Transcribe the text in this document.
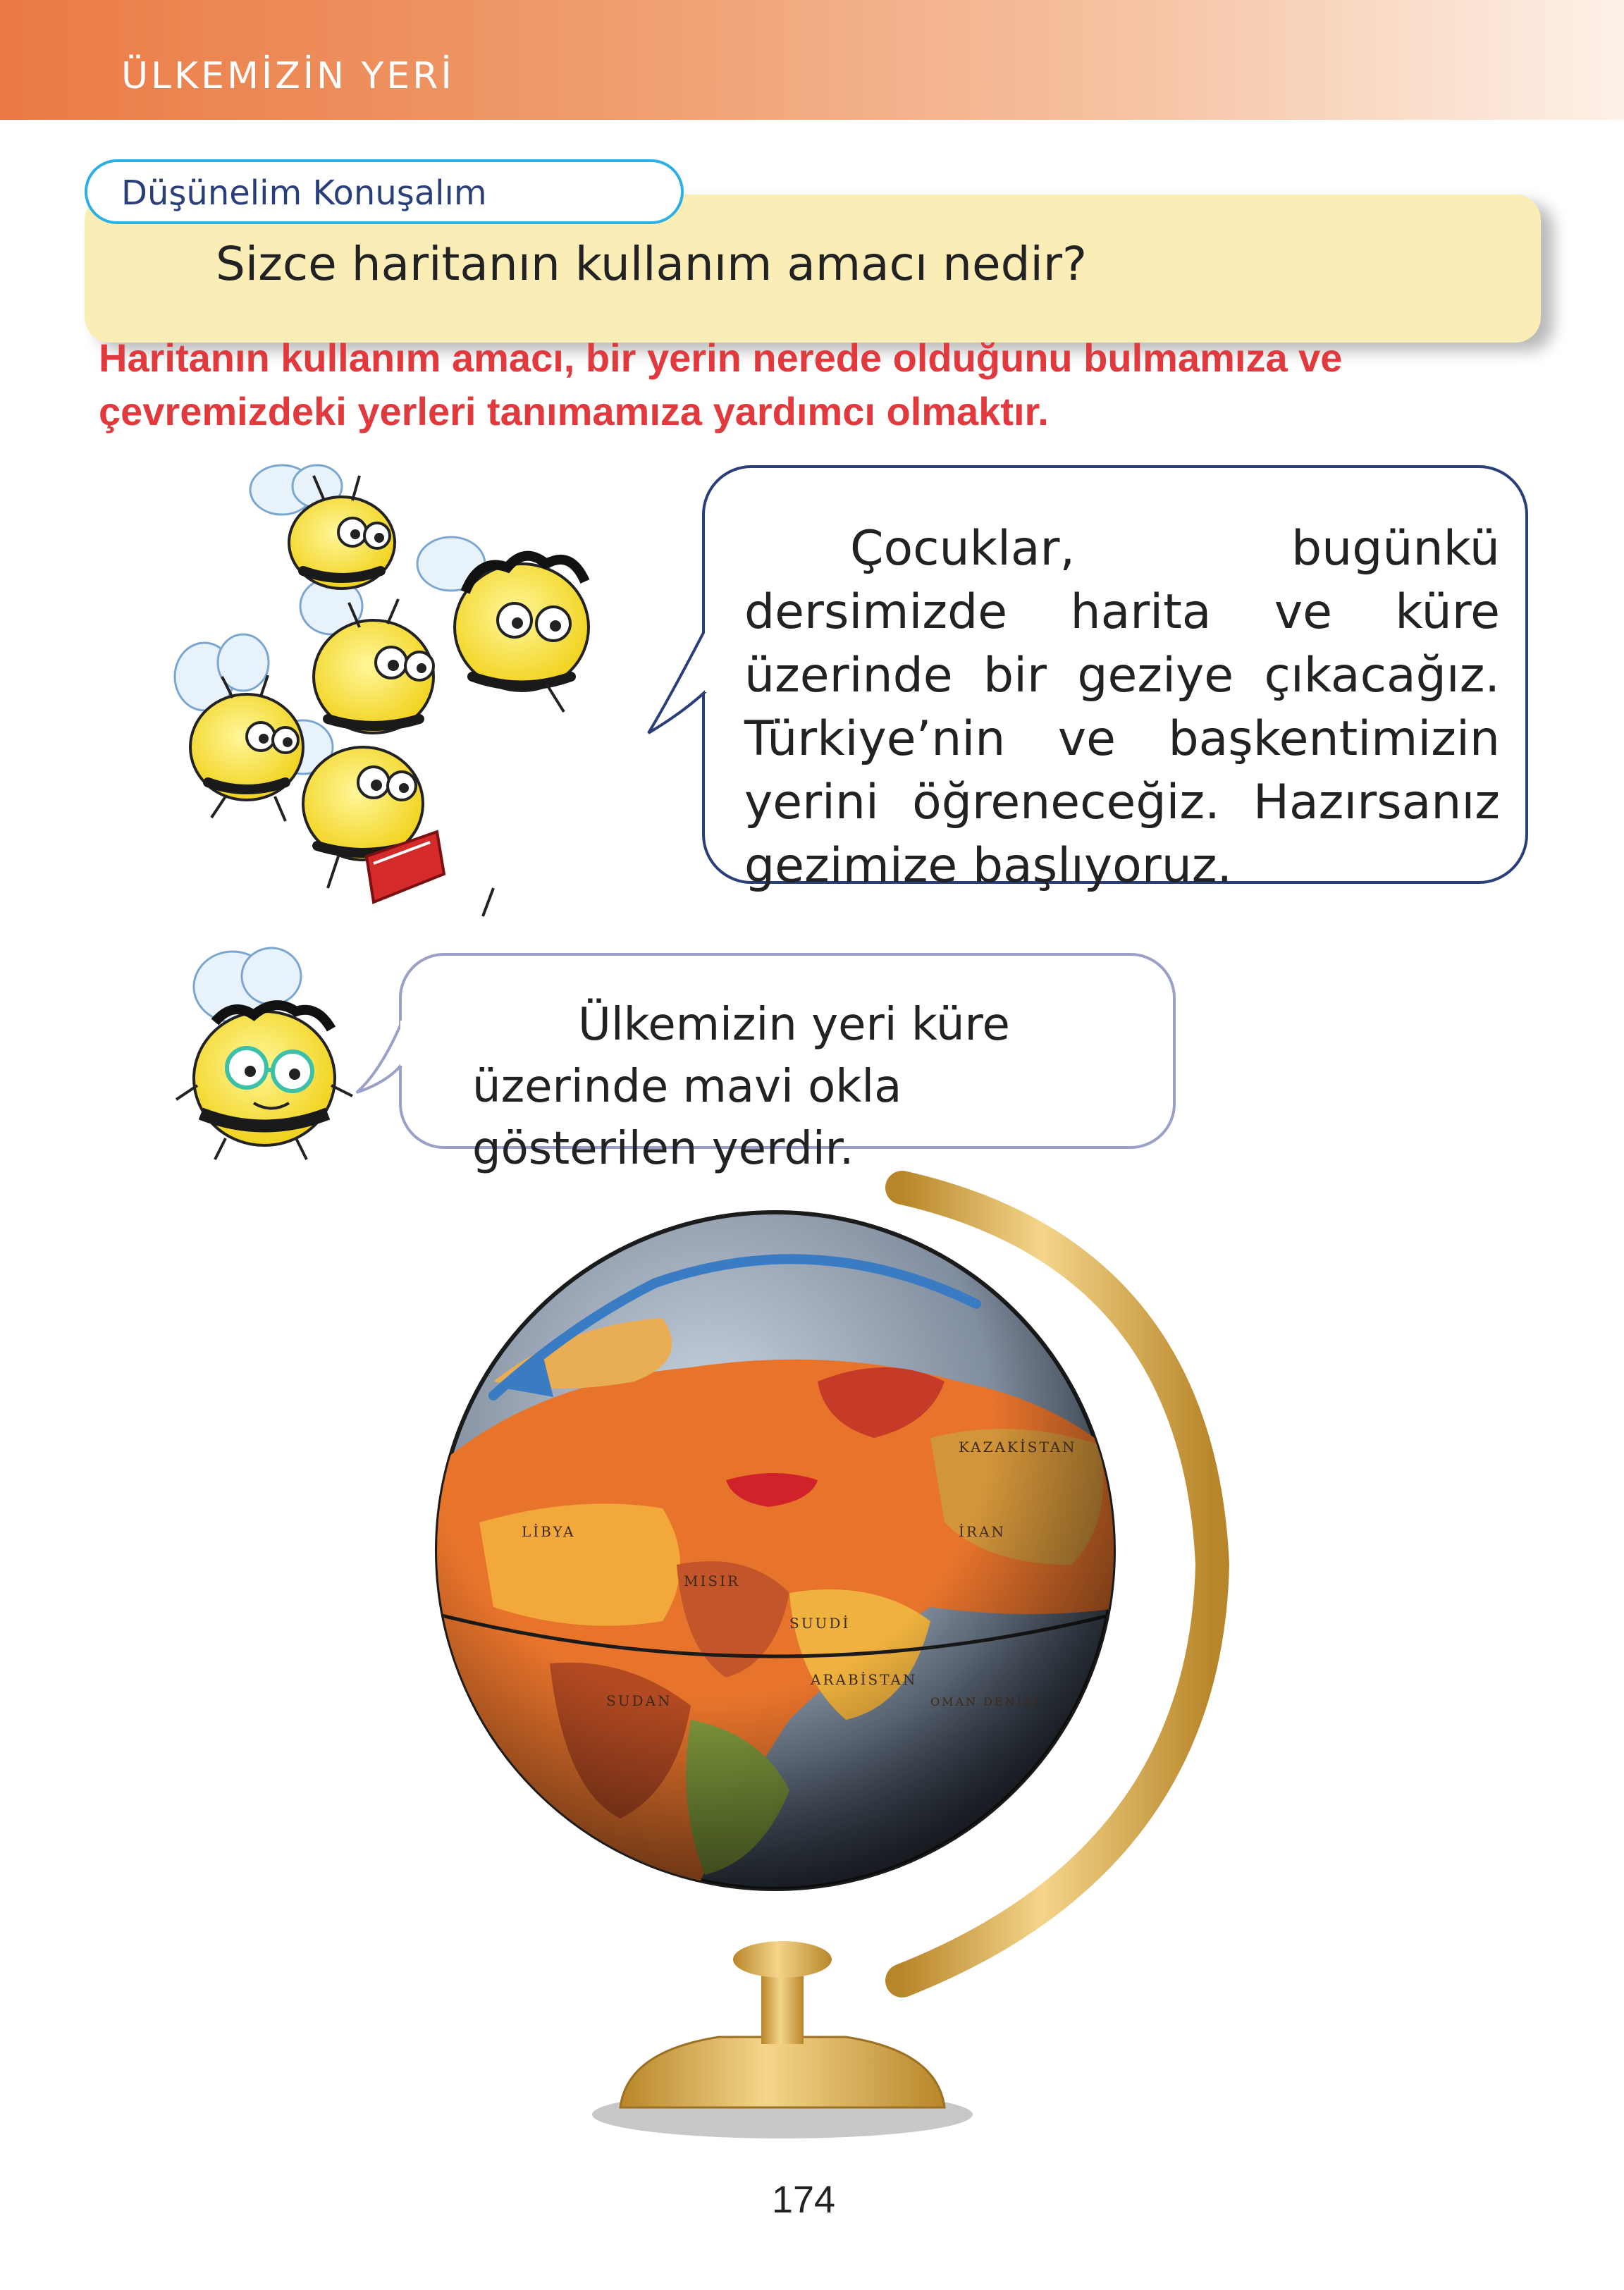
ÜLKEMİZİN YERİ
Sizce haritanın kullanım amacı nedir?
Düşünelim Konuşalım
Haritanın kullanım amacı, bir yerin nerede olduğunu bulmamıza ve çevremizdeki yerleri tanımamıza yardımcı olmaktır.
Çocuklar, bugünkü dersimizde harita ve küre üzerinde bir geziye çıkacağız. Türkiye’nin ve başkentimizin yerini öğreneceğiz. Hazırsanız gezimize başlıyoruz.
Ülkemizin yeri küre üzerinde mavi okla gösterilen yerdir.
KAZAKİSTAN
LİBYA
MISIR
SUUDİ
ARABİSTAN
SUDAN
İRAN
OMAN DENİZİ
174
